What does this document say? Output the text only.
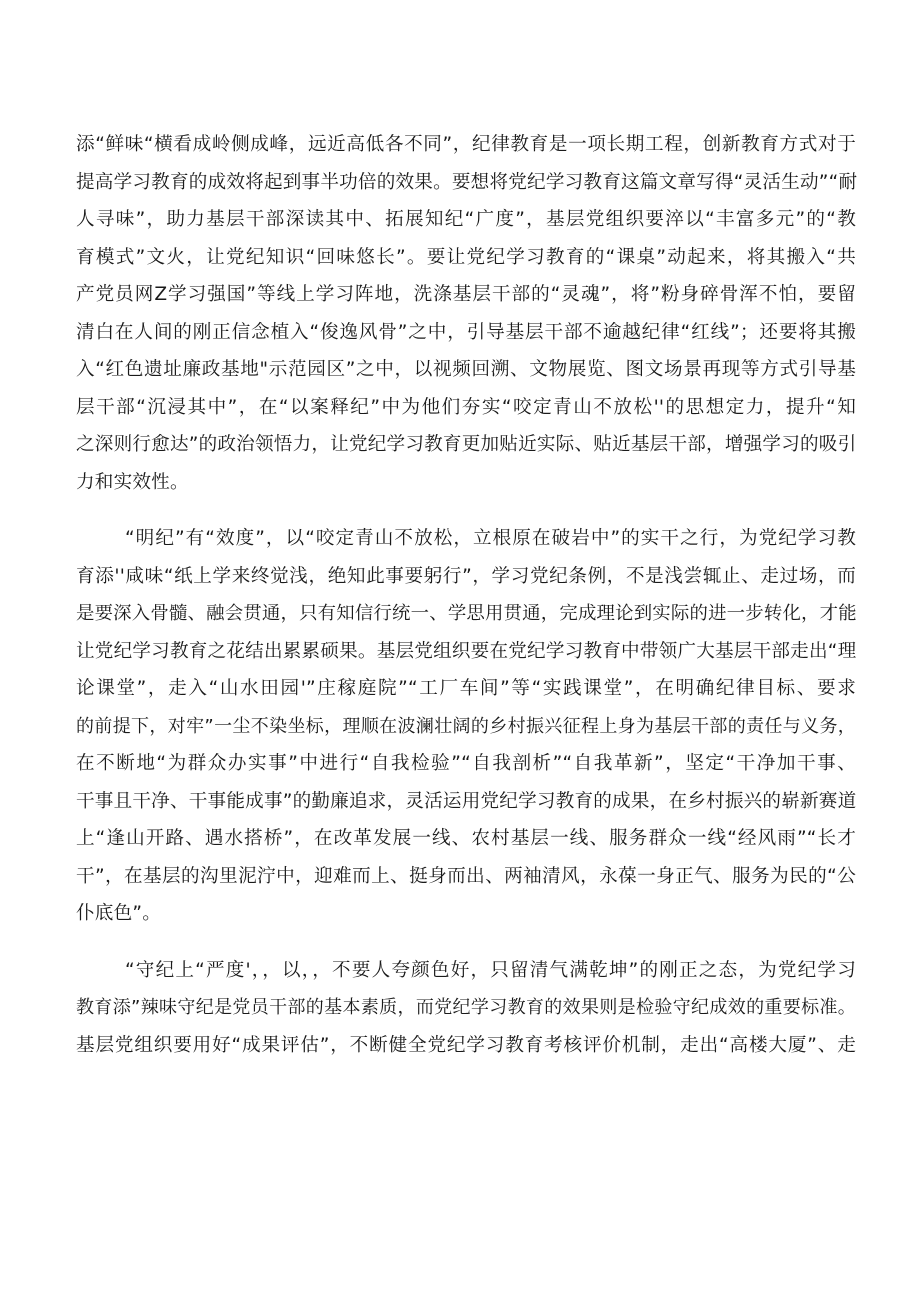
添“鲜味“横看成岭侧成峰，远近高低各不同”，纪律教育是一项长期工程，创新教育方式对于
提高学习教育的成效将起到事半功倍的效果。要想将党纪学习教育这篇文章写得“灵活生动”“耐
人寻味”，助力基层干部深读其中、拓展知纪“广度”，基层党组织要淬以“丰富多元”的“教
育模式”文火，让党纪知识“回味悠长”。要让党纪学习教育的“课桌”动起来，将其搬入“共
产党员网Z学习强国”等线上学习阵地，洗涤基层干部的“灵魂”，将”粉身碎骨浑不怕，要留
清白在人间的刚正信念植入“俊逸风骨”之中，引导基层干部不逾越纪律“红线”；还要将其搬
入“红色遗址廉政基地"示范园区”之中，以视频回溯、文物展览、图文场景再现等方式引导基
层干部“沉浸其中”，在“以案释纪”中为他们夯实“咬定青山不放松''的思想定力，提升“知
之深则行愈达”的政治领悟力，让党纪学习教育更加贴近实际、贴近基层干部，增强学习的吸引
力和实效性。
“明纪”有“效度”，以“咬定青山不放松，立根原在破岩中”的实干之行，为党纪学习教
育添''咸味“纸上学来终觉浅，绝知此事要躬行”，学习党纪条例，不是浅尝辄止、走过场，而
是要深入骨髓、融会贯通，只有知信行统一、学思用贯通，完成理论到实际的进一步转化，才能
让党纪学习教育之花结出累累硕果。基层党组织要在党纪学习教育中带领广大基层干部走出“理
论课堂”，走入“山水田园'”庄稼庭院”“工厂车间”等“实践课堂”，在明确纪律目标、要求
的前提下，对牢”一尘不染坐标，理顺在波澜壮阔的乡村振兴征程上身为基层干部的责任与义务，
在不断地“为群众办实事”中进行“自我检验”“自我剖析”“自我革新”，坚定“干净加干事、
干事且干净、干事能成事”的勤廉追求，灵活运用党纪学习教育的成果，在乡村振兴的崭新赛道
上“逢山开路、遇水搭桥”，在改革发展一线、农村基层一线、服务群众一线“经风雨”“长才
干”，在基层的沟里泥泞中，迎难而上、挺身而出、两袖清风，永葆一身正气、服务为民的“公
仆底色”。
“守纪上“严度'，，以，，不要人夸颜色好，只留清气满乾坤”的刚正之态，为党纪学习
教育添”辣味守纪是党员干部的基本素质，而党纪学习教育的效果则是检验守纪成效的重要标准。
基层党组织要用好“成果评估”，不断健全党纪学习教育考核评价机制，走出“高楼大厦”、走
